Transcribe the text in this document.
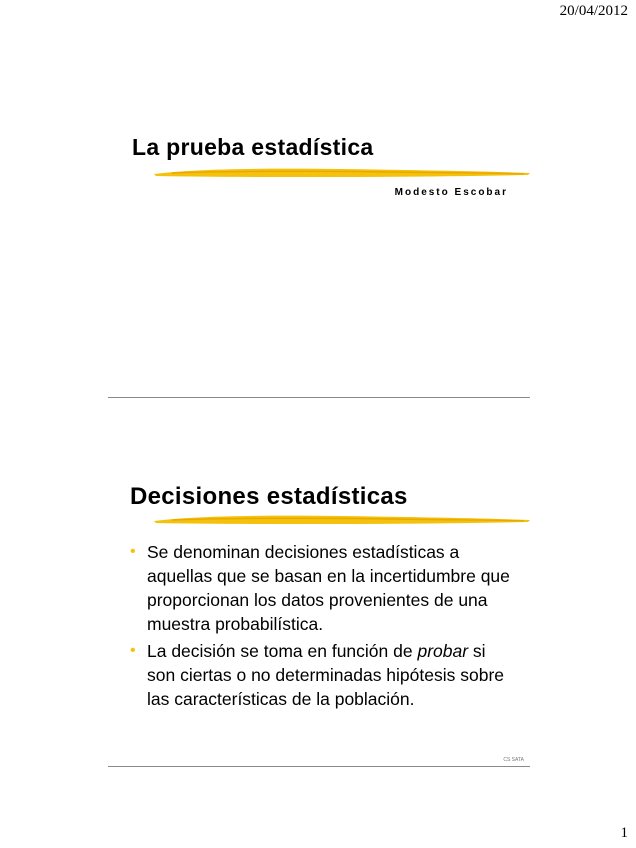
20/04/2012
La prueba estadística
Modesto Escobar
Decisiones estadísticas
• Se denominan decisiones estadísticas a aquellas que se basan en la incertidumbre que proporcionan los datos provenientes de una muestra probabilística.
• La decisión se toma en función de probar si son ciertas o no determinadas hipótesis sobre las características de la población.
CS SATA
1
